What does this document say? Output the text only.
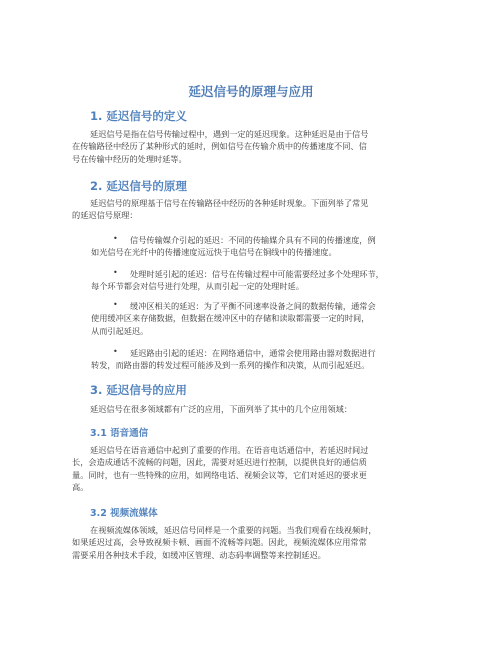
延迟信号的原理与应用
1. 延迟信号的定义

延迟信号是指在信号传输过程中，遇到一定的延迟现象。这种延迟是由于信号
在传输路径中经历了某种形式的延时，例如信号在传输介质中的传播速度不同、信
号在传输中经历的处理时延等。

2. 延迟信号的原理

延迟信号的原理基于信号在传输路径中经历的各种延时现象。下面列举了常见
的延迟信号原理：

•	信号传输媒介引起的延迟：不同的传输媒介具有不同的传播速度，例
如光信号在光纤中的传播速度远远快于电信号在铜线中的传播速度。

•	处理时延引起的延迟：信号在传输过程中可能需要经过多个处理环节，
每个环节都会对信号进行处理，从而引起一定的处理时延。

•	缓冲区相关的延迟：为了平衡不同速率设备之间的数据传输，通常会
使用缓冲区来存储数据，但数据在缓冲区中的存储和读取都需要一定的时间，
从而引起延迟。

•	延迟路由引起的延迟：在网络通信中，通常会使用路由器对数据进行
转发，而路由器的转发过程可能涉及到一系列的操作和决策，从而引起延迟。

3. 延迟信号的应用

延迟信号在很多领域都有广泛的应用，下面列举了其中的几个应用领域：

3.1 语音通信

延迟信号在语音通信中起到了重要的作用。在语音电话通信中，若延迟时间过
长，会造成通话不流畅的问题，因此，需要对延迟进行控制，以提供良好的通信质
量。同时，也有一些特殊的应用，如网络电话、视频会议等，它们对延迟的要求更
高。

3.2 视频流媒体

在视频流媒体领域，延迟信号同样是一个重要的问题。当我们观看在线视频时，
如果延迟过高，会导致视频卡顿、画面不流畅等问题。因此，视频流媒体应用常常
需要采用各种技术手段，如缓冲区管理、动态码率调整等来控制延迟。
